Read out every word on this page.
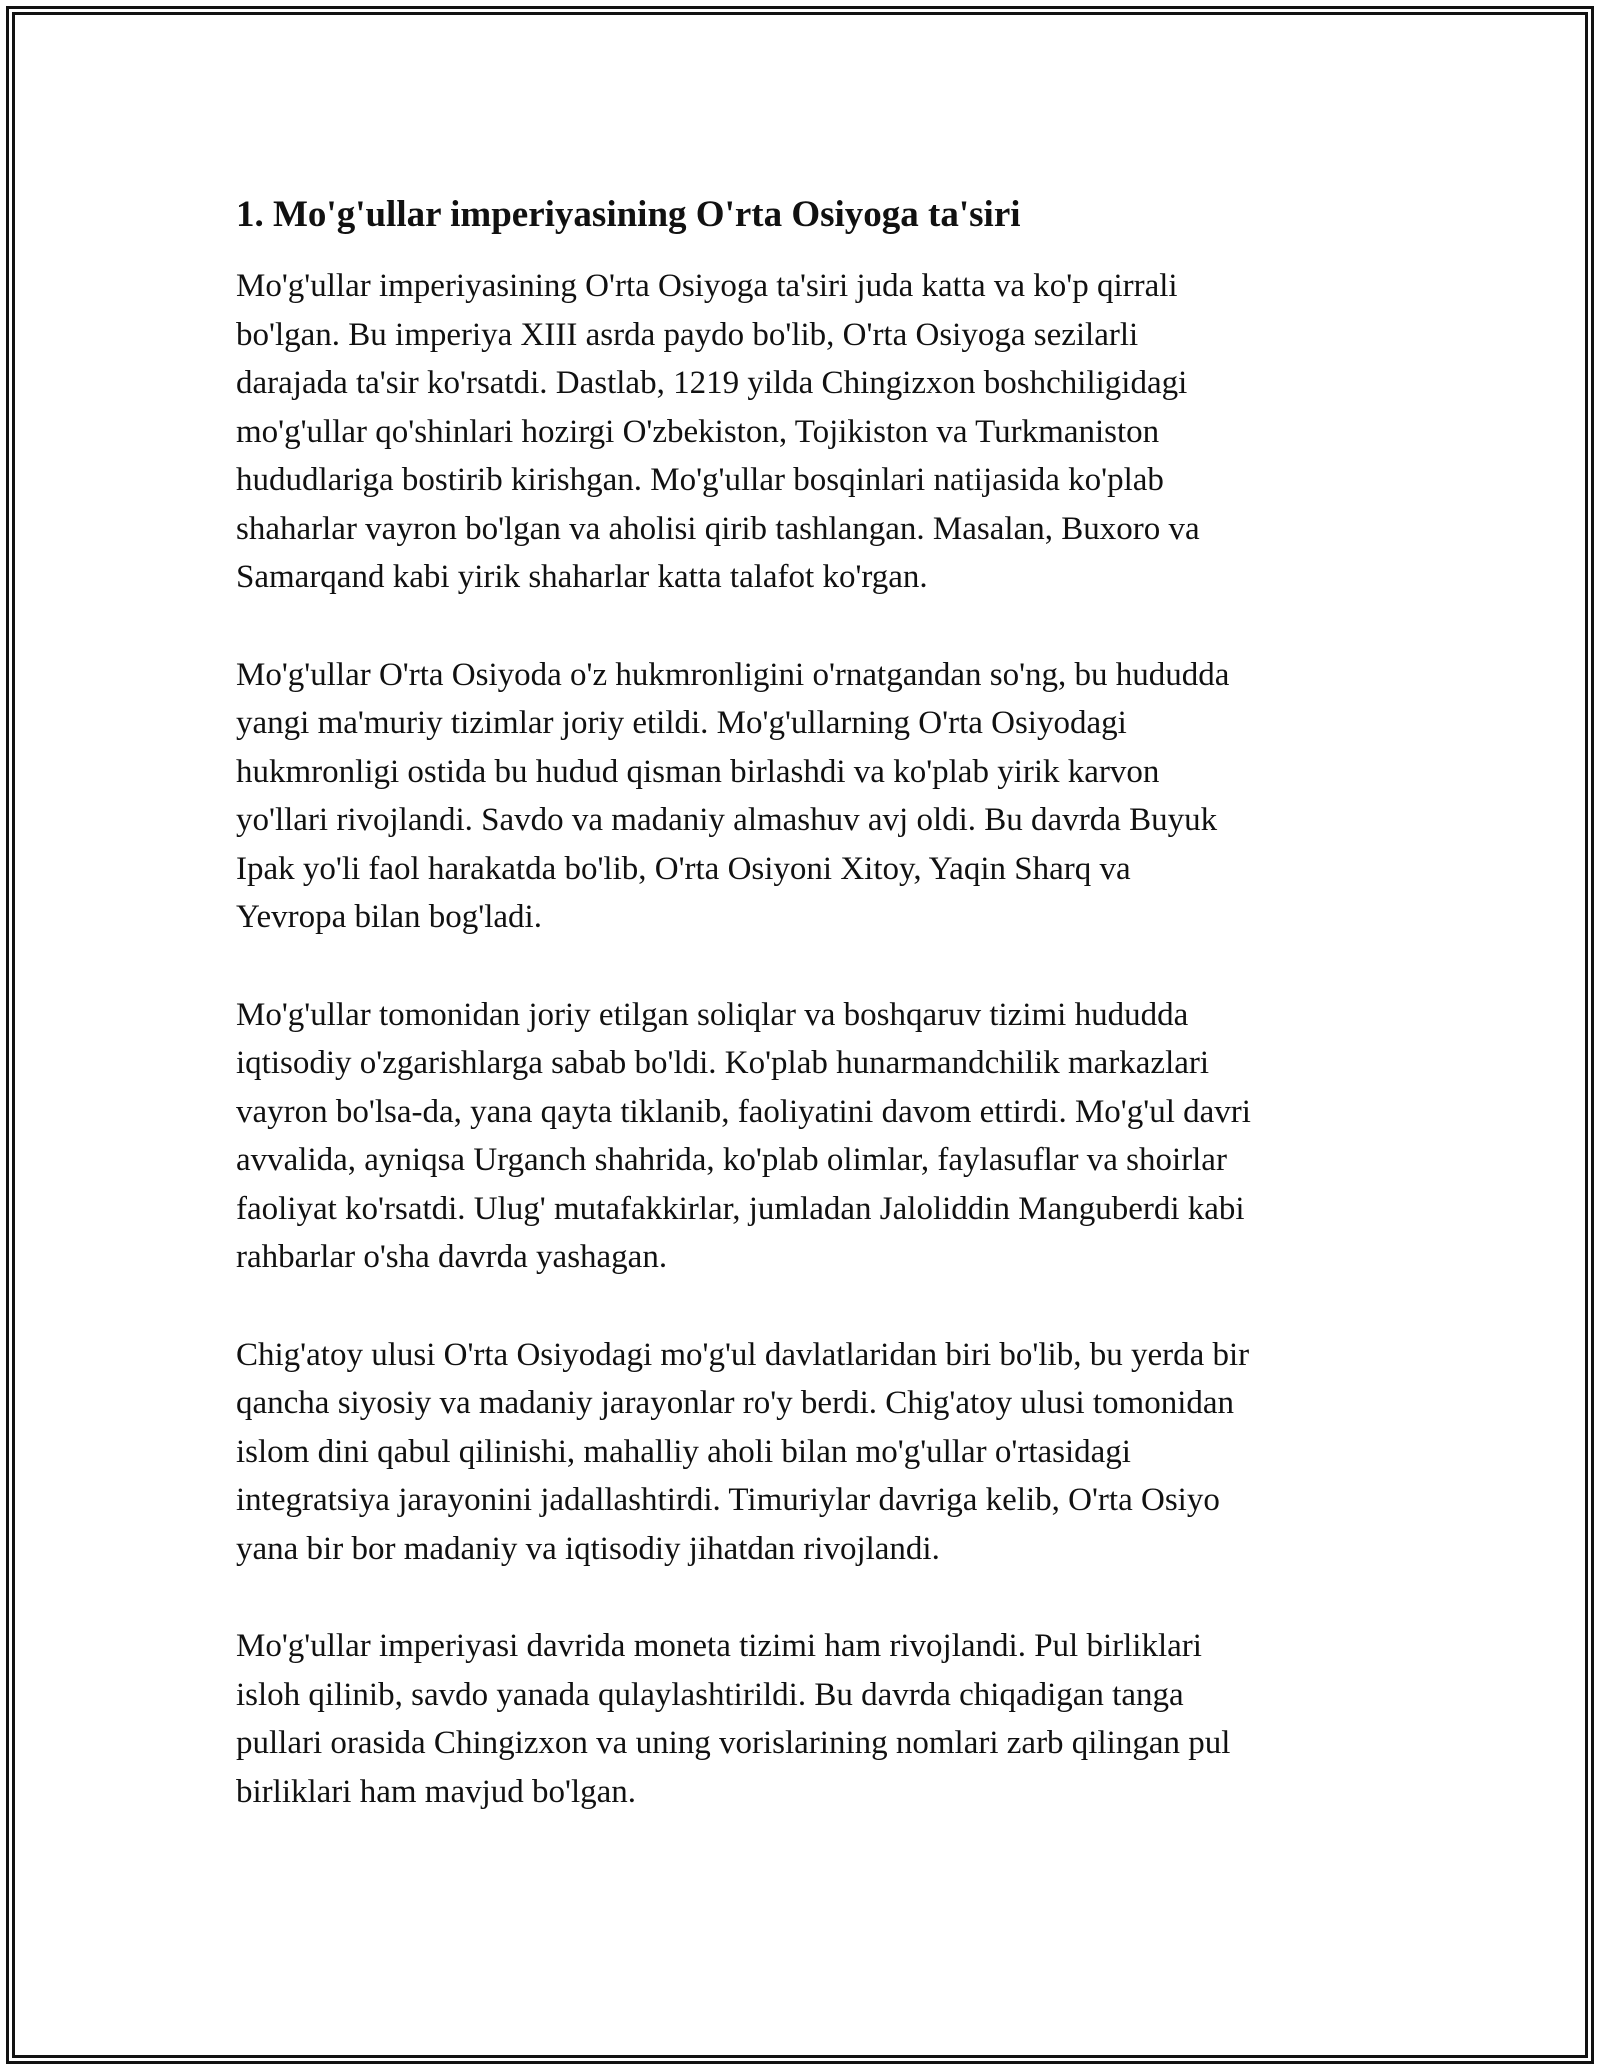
1. Mo'g'ullar imperiyasining O'rta Osiyoga ta'siri

Mo'g'ullar imperiyasining O'rta Osiyoga ta'siri juda katta va ko'p qirrali
bo'lgan. Bu imperiya XIII asrda paydo bo'lib, O'rta Osiyoga sezilarli
darajada ta'sir ko'rsatdi. Dastlab, 1219 yilda Chingizxon boshchiligidagi
mo'g'ullar qo'shinlari hozirgi O'zbekiston, Tojikiston va Turkmaniston
hududlariga bostirib kirishgan. Mo'g'ullar bosqinlari natijasida ko'plab
shaharlar vayron bo'lgan va aholisi qirib tashlangan. Masalan, Buxoro va
Samarqand kabi yirik shaharlar katta talafot ko'rgan.

Mo'g'ullar O'rta Osiyoda o'z hukmronligini o'rnatgandan so'ng, bu hududda
yangi ma'muriy tizimlar joriy etildi. Mo'g'ullarning O'rta Osiyodagi
hukmronligi ostida bu hudud qisman birlashdi va ko'plab yirik karvon
yo'llari rivojlandi. Savdo va madaniy almashuv avj oldi. Bu davrda Buyuk
Ipak yo'li faol harakatda bo'lib, O'rta Osiyoni Xitoy, Yaqin Sharq va
Yevropa bilan bog'ladi.

Mo'g'ullar tomonidan joriy etilgan soliqlar va boshqaruv tizimi hududda
iqtisodiy o'zgarishlarga sabab bo'ldi. Ko'plab hunarmandchilik markazlari
vayron bo'lsa-da, yana qayta tiklanib, faoliyatini davom ettirdi. Mo'g'ul davri
avvalida, ayniqsa Urganch shahrida, ko'plab olimlar, faylasuflar va shoirlar
faoliyat ko'rsatdi. Ulug' mutafakkirlar, jumladan Jaloliddin Manguberdi kabi
rahbarlar o'sha davrda yashagan.

Chig'atoy ulusi O'rta Osiyodagi mo'g'ul davlatlaridan biri bo'lib, bu yerda bir
qancha siyosiy va madaniy jarayonlar ro'y berdi. Chig'atoy ulusi tomonidan
islom dini qabul qilinishi, mahalliy aholi bilan mo'g'ullar o'rtasidagi
integratsiya jarayonini jadallashtirdi. Timuriylar davriga kelib, O'rta Osiyo
yana bir bor madaniy va iqtisodiy jihatdan rivojlandi.

Mo'g'ullar imperiyasi davrida moneta tizimi ham rivojlandi. Pul birliklari
isloh qilinib, savdo yanada qulaylashtirildi. Bu davrda chiqadigan tanga
pullari orasida Chingizxon va uning vorislarining nomlari zarb qilingan pul
birliklari ham mavjud bo'lgan.
